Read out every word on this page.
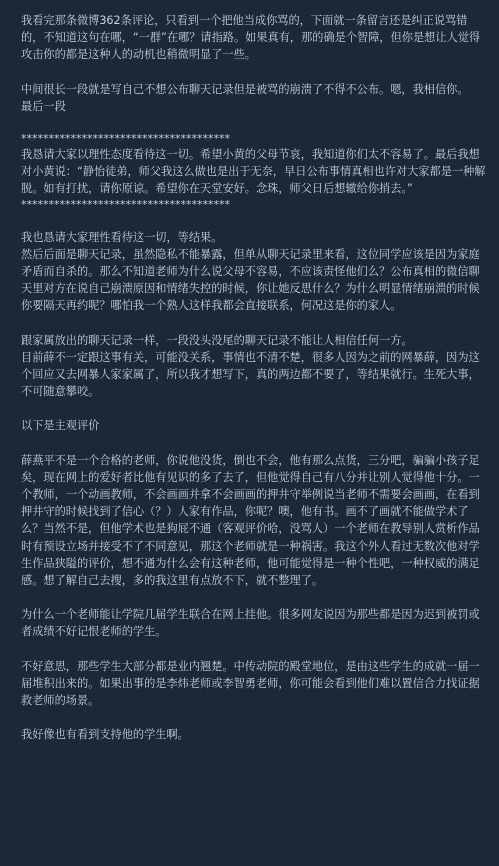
我看完那条微博362条评论，只看到一个把他当成你骂的，下面就一条留言还是纠正说骂错的，不知道这句在哪，“一群”在哪？请指路。如果真有，那的确是个智障，但你是想让人觉得攻击你的都是这种人的动机也稍微明显了一些。

中间很长一段就是写自己不想公布聊天记录但是被骂的崩溃了不得不公布。嗯，我相信你。

最后一段

**************************************

我恳请大家以理性态度看待这一切。希望小黄的父母节哀，我知道你们太不容易了。最后我想对小黄说：“静怡徒弟，师父我这么做也是出于无奈，早日公布事情真相也许对大家都是一种解脱。如有打扰，请你原谅。希望你在天堂安好。念珠，师父日后想辙给你捎去。”

**************************************

我也恳请大家理性看待这一切，等结果。

然后后面是聊天记录，虽然隐私不能暴露，但单从聊天记录里来看，这位同学应该是因为家庭矛盾而自杀的。那么不知道老师为什么说父母不容易，不应该责怪他们么？公布真相的微信聊天里对方在说自己崩溃原因和情绪失控的时候，你让她反思什么？为什么明显情绪崩溃的时候你要隔天再约呢？哪怕我一个熟人这样我都会直接联系，何况这是你的家人。

跟家属放出的聊天记录一样，一段没头没尾的聊天记录不能让人相信任何一方。

目前薛不一定跟这事有关，可能没关系，事情也不清不楚，很多人因为之前的网暴薛，因为这个回应又去网暴人家家属了，所以我才想写下，真的两边都不要了，等结果就行。生死大事，不可随意攀咬。

以下是主观评价

薛燕平不是一个合格的老师，你说他没货，倒也不会，他有那么点货，三分吧，骗骗小孩子足矣，现在网上的爱好者比他有见识的多了去了，但他觉得自己有八分并让别人觉得他十分。一个教师，一个动画教师，不会画画并拿不会画画的押井守举例说当老师不需要会画画，在看到押井守的时候找到了信心（？）人家有作品，你呢？噢，他有书。画不了画就不能做学术了么？当然不是，但他学术也是狗屁不通（客观评价哈，没骂人）一个老师在教导别人赏析作品时有预设立场并接受不了不同意见，那这个老师就是一种祸害。我这个外人看过无数次他对学生作品狭隘的评价，想不通为什么会有这种老师，他可能觉得是一种个性吧，一种权威的满足感。想了解自己去搜，多的我这里有点放不下，就不整理了。

为什么一个老师能让学院几届学生联合在网上挂他。很多网友说因为那些都是因为迟到被罚或者成绩不好记恨老师的学生。

不好意思，那些学生大部分都是业内翘楚。中传动院的殿堂地位，是由这些学生的成就一届一届堆积出来的。如果出事的是李炜老师或李智勇老师，你可能会看到他们难以置信合力找证据救老师的场景。

我好像也有看到支持他的学生啊。
